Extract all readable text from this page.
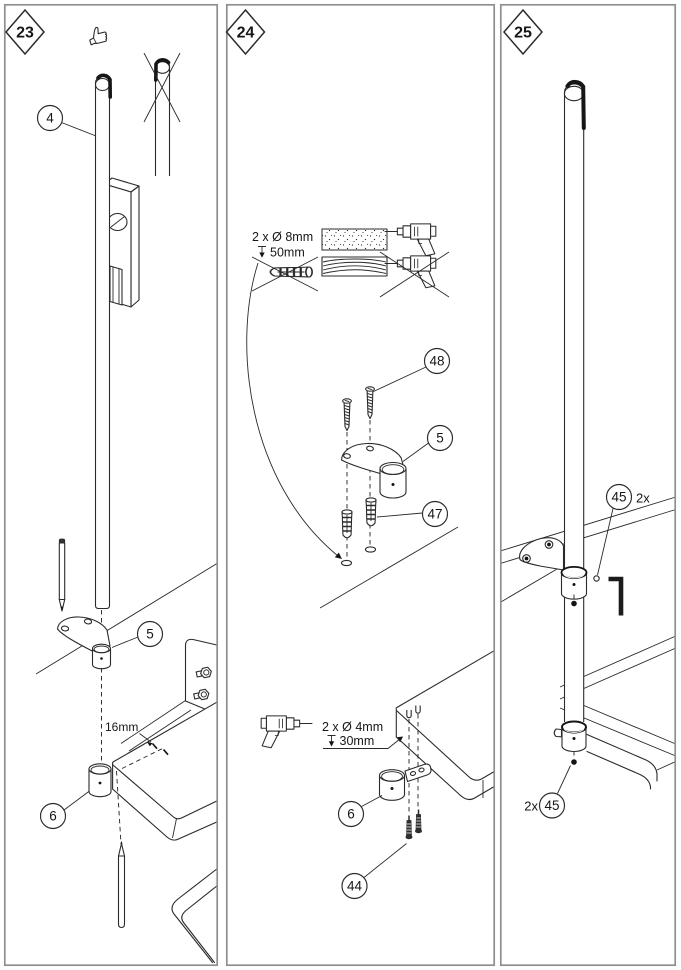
4
5
16mm
6
23
2 x Ø 8mm
50mm
48
5
47
2 x Ø 4mm
30mm
6
44
24
45 2x
2x 45
25
